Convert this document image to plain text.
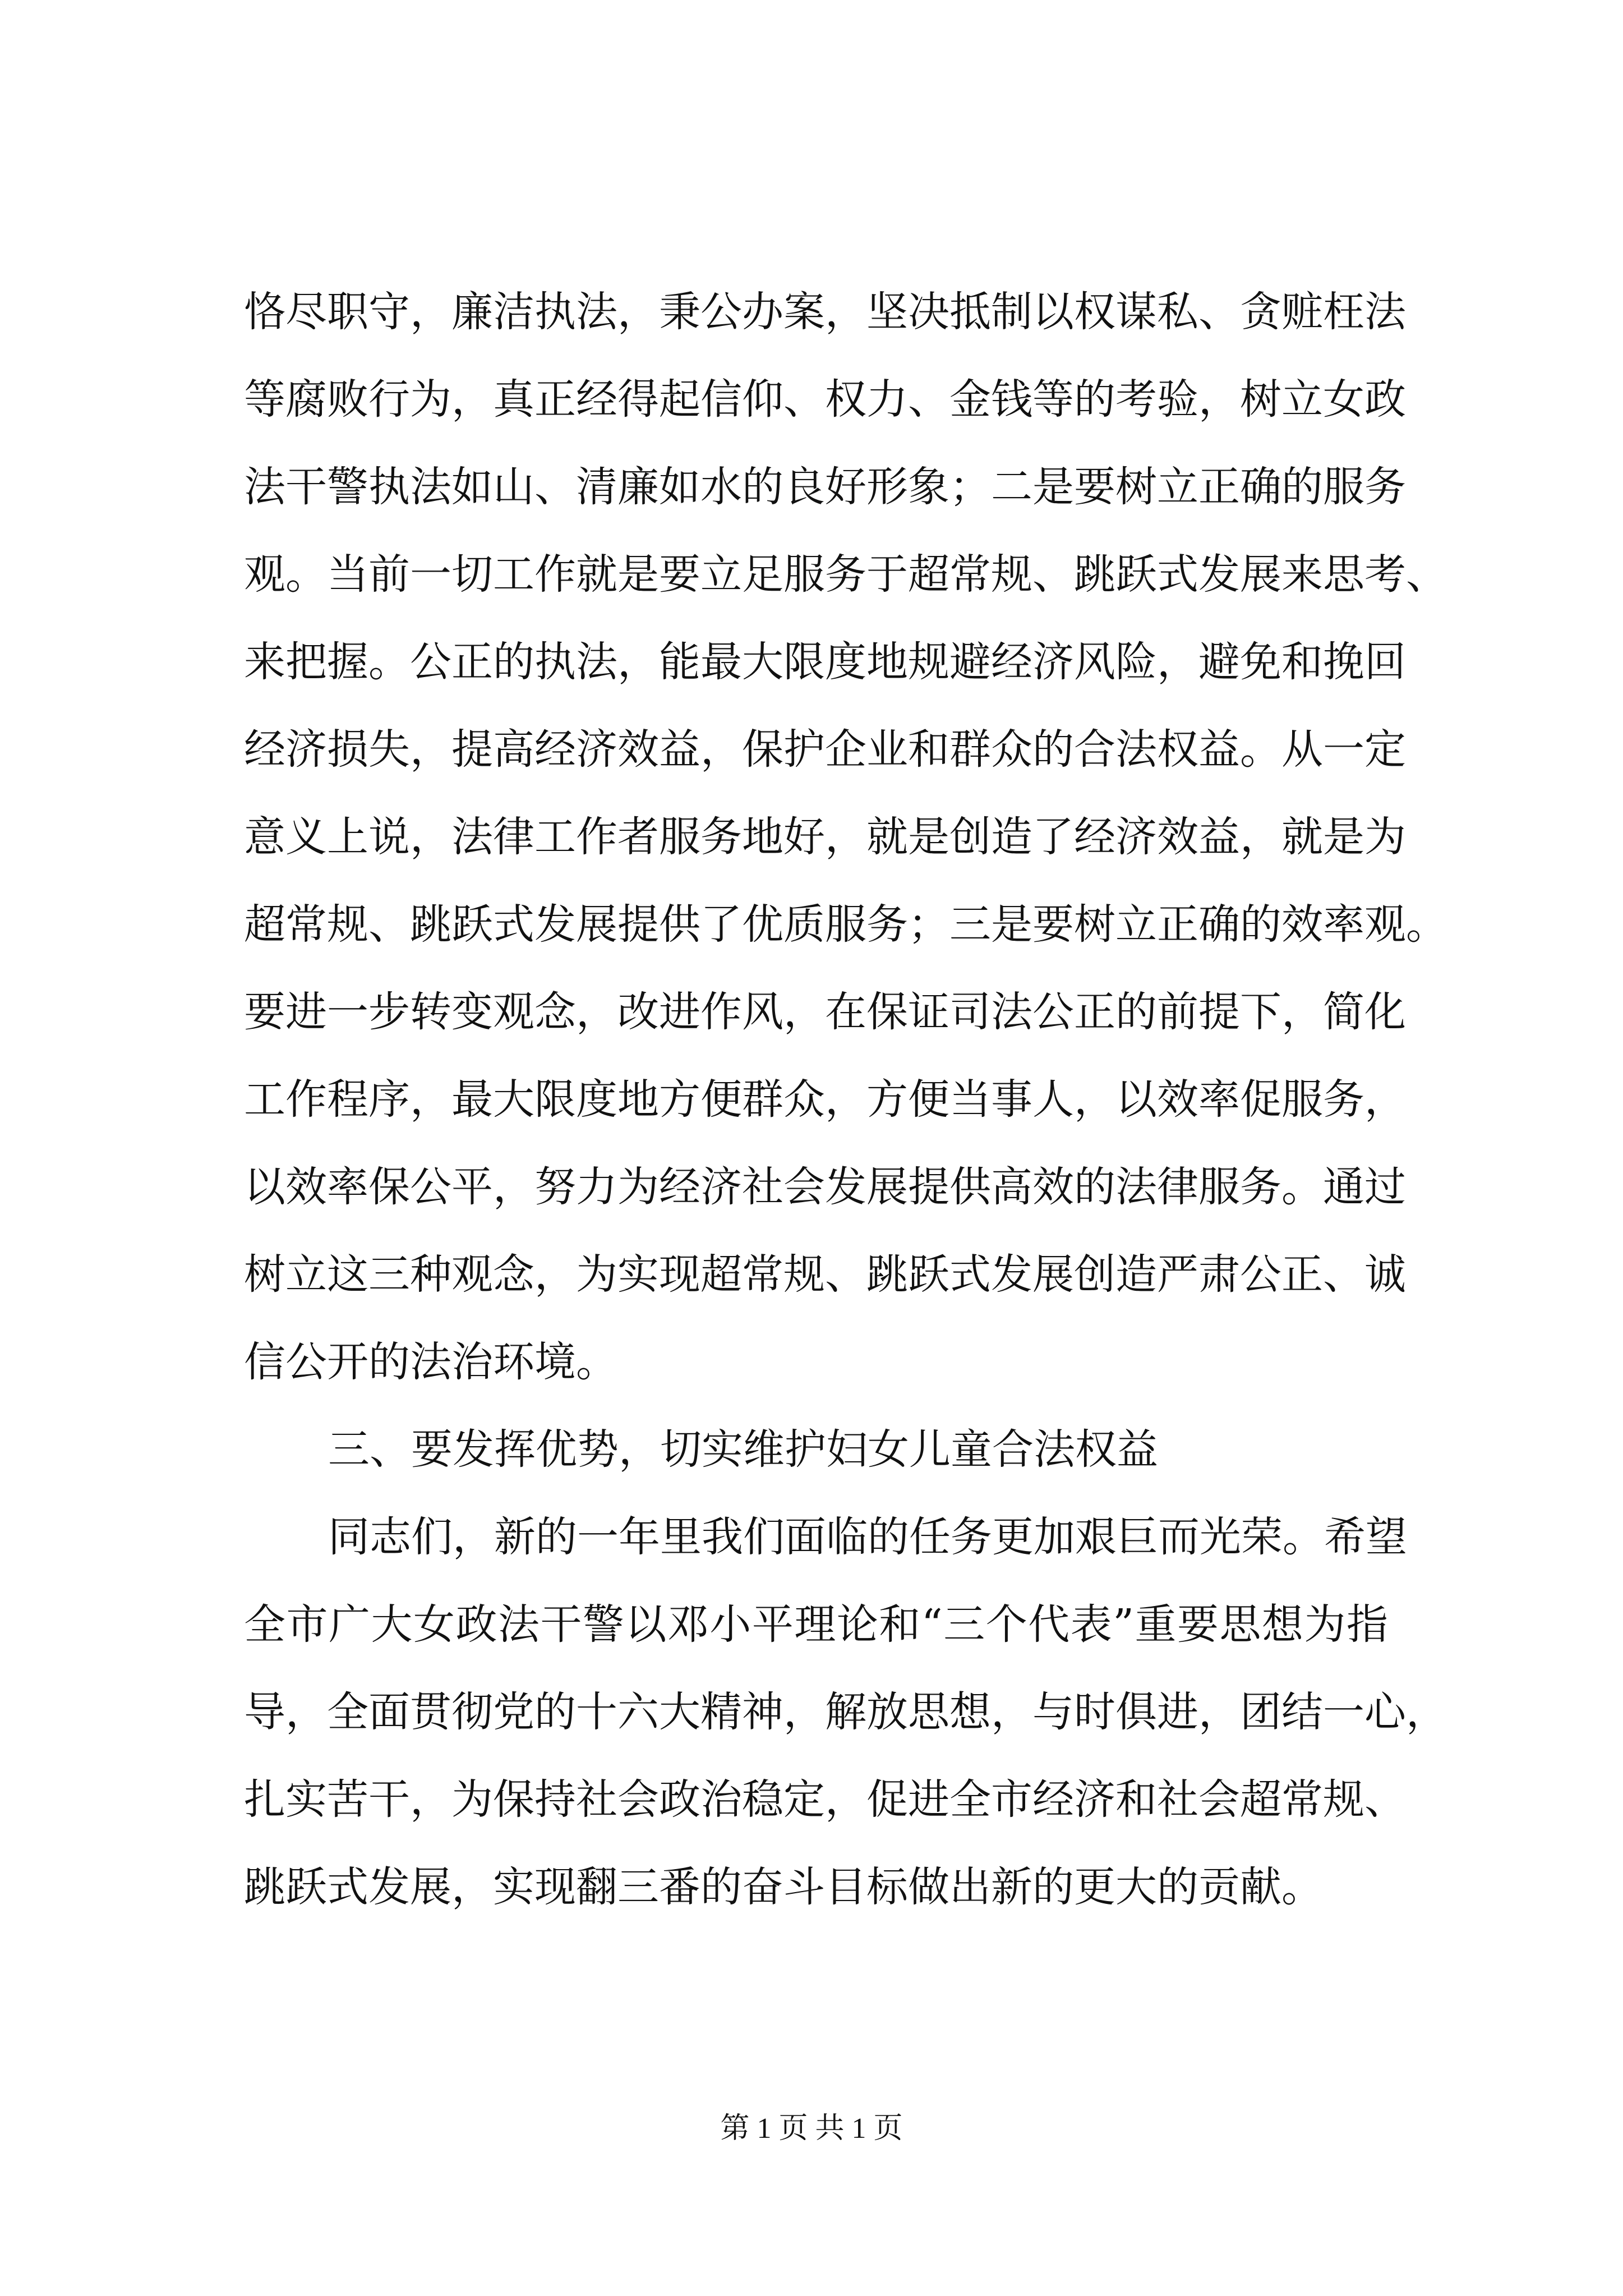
恪尽职守，廉洁执法，秉公办案，坚决抵制以权谋私、贪赃枉法
等腐败行为，真正经得起信仰、权力、金钱等的考验，树立女政
法干警执法如山、清廉如水的良好形象；二是要树立正确的服务
观。当前一切工作就是要立足服务于超常规、跳跃式发展来思考、
来把握。公正的执法，能最大限度地规避经济风险，避免和挽回
经济损失，提高经济效益，保护企业和群众的合法权益。从一定
意义上说，法律工作者服务地好，就是创造了经济效益，就是为
超常规、跳跃式发展提供了优质服务；三是要树立正确的效率观。
要进一步转变观念，改进作风，在保证司法公正的前提下，简化
工作程序，最大限度地方便群众，方便当事人，以效率促服务，
以效率保公平，努力为经济社会发展提供高效的法律服务。通过
树立这三种观念，为实现超常规、跳跃式发展创造严肃公正、诚
信公开的法治环境。
三、要发挥优势，切实维护妇女儿童合法权益
同志们，新的一年里我们面临的任务更加艰巨而光荣。希望
全市广大女政法干警以邓小平理论和“三个代表”重要思想为指
导，全面贯彻党的十六大精神，解放思想，与时俱进，团结一心，
扎实苦干，为保持社会政治稳定，促进全市经济和社会超常规、
跳跃式发展，实现翻三番的奋斗目标做出新的更大的贡献。
第 1 页 共 1 页
